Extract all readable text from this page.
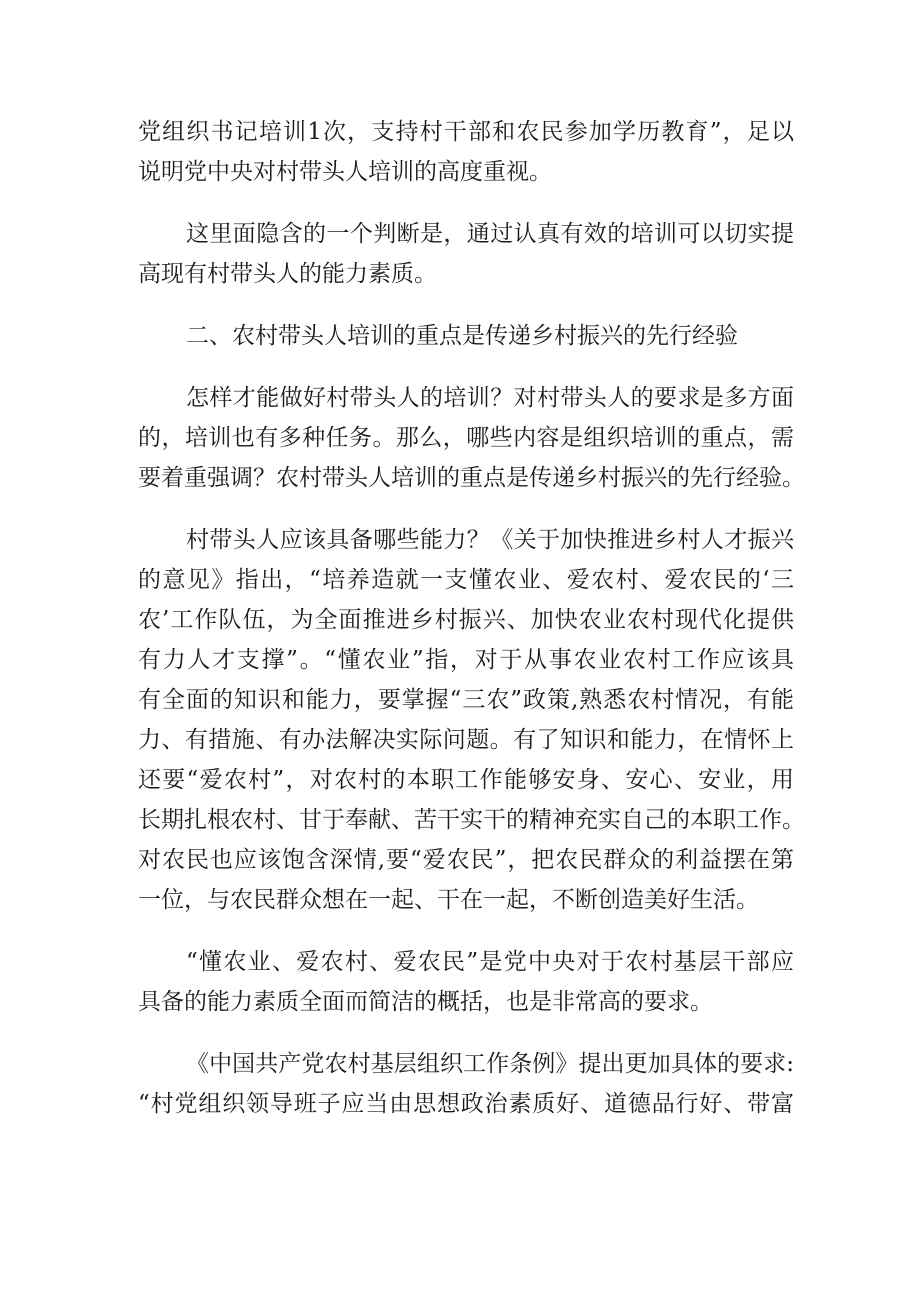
党组织书记培训1次，支持村干部和农民参加学历教育”，足以
说明党中央对村带头人培训的高度重视。
这里面隐含的一个判断是，通过认真有效的培训可以切实提
高现有村带头人的能力素质。
二、农村带头人培训的重点是传递乡村振兴的先行经验
怎样才能做好村带头人的培训？对村带头人的要求是多方面
的，培训也有多种任务。那么，哪些内容是组织培训的重点，需
要着重强调？农村带头人培训的重点是传递乡村振兴的先行经验。
村带头人应该具备哪些能力？《关于加快推进乡村人才振兴
的意见》指出，“培养造就一支懂农业、爱农村、爱农民的‘三
农’工作队伍，为全面推进乡村振兴、加快农业农村现代化提供
有力人才支撑”。“懂农业”指，对于从事农业农村工作应该具
有全面的知识和能力，要掌握“三农”政策,熟悉农村情况，有能
力、有措施、有办法解决实际问题。有了知识和能力，在情怀上
还要“爱农村”，对农村的本职工作能够安身、安心、安业，用
长期扎根农村、甘于奉献、苦干实干的精神充实自己的本职工作。
对农民也应该饱含深情,要“爱农民”，把农民群众的利益摆在第
一位，与农民群众想在一起、干在一起，不断创造美好生活。
“懂农业、爱农村、爱农民”是党中央对于农村基层干部应
具备的能力素质全面而简洁的概括，也是非常高的要求。
《中国共产党农村基层组织工作条例》提出更加具体的要求:
“村党组织领导班子应当由思想政治素质好、道德品行好、带富
